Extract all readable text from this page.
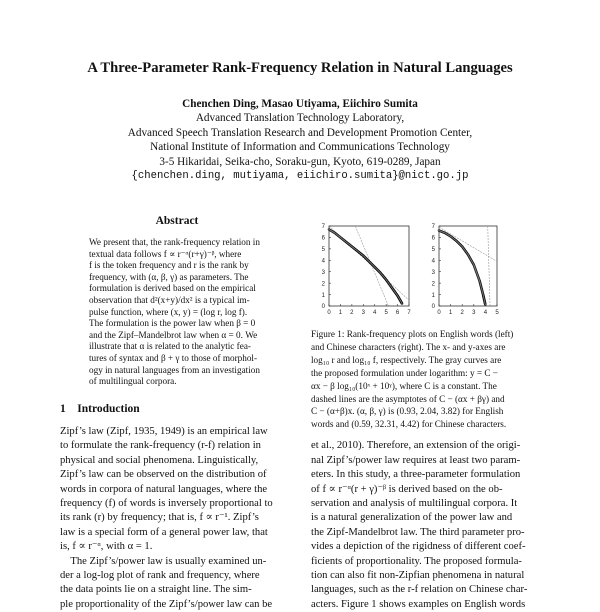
A Three-Parameter Rank-Frequency Relation in Natural Languages
Chenchen Ding, Masao Utiyama, Eiichiro Sumita
Advanced Translation Technology Laboratory,
Advanced Speech Translation Research and Development Promotion Center,
National Institute of Information and Communications Technology
3-5 Hikaridai, Seika-cho, Soraku-gun, Kyoto, 619-0289, Japan
{chenchen.ding, mutiyama, eiichiro.sumita}@nict.go.jp
Abstract
We present that, the rank-frequency relation in
textual data follows f ∝ r⁻ᵅ(r+γ)⁻ᵝ, where
f is the token frequency and r is the rank by
frequency, with (α, β, γ) as parameters. The
formulation is derived based on the empirical
observation that d²(x+y)/dx² is a typical im-
pulse function, where (x, y) = (log r, log f).
The formulation is the power law when β = 0
and the Zipf–Mandelbrot law when α = 0. We
illustrate that α is related to the analytic fea-
tures of syntax and β + γ to those of morphol-
ogy in natural languages from an investigation
of multilingual corpora.
1    Introduction
Zipf’s law (Zipf, 1935, 1949) is an empirical law
to formulate the rank-frequency (r-f) relation in
physical and social phenomena. Linguistically,
Zipf’s law can be observed on the distribution of
words in corpora of natural languages, where the
frequency (f) of words is inversely proportional to
its rank (r) by frequency; that is, f ∝ r⁻¹. Zipf’s
law is a special form of a general power law, that
is, f ∝ r⁻ᵅ, with α = 1.
The Zipf’s/power law is usually examined un-
der a log-log plot of rank and frequency, where
the data points lie on a straight line. The sim-
ple proportionality of the Zipf’s/power law can be
0
1
2
3
4
5
6
7
0 1 2 3 4 5 6 7
0
1
2
3
4
5
6
7
0 1 2 3 4 5
Figure 1: Rank-frequency plots on English words (left)
and Chinese characters (right). The x- and y-axes are
log₁₀ r and log₁₀ f, respectively. The gray curves are
the proposed formulation under logarithm: y = C −
αx − β log₁₀(10ˣ + 10ˠ), where C is a constant. The
dashed lines are the asymptotes of C − (αx + βγ) and
C − (α+β)x. (α, β, γ) is (0.93, 2.04, 3.82) for English
words and (0.59, 32.31, 4.42) for Chinese characters.
et al., 2010). Therefore, an extension of the origi-
nal Zipf’s/power law requires at least two param-
eters. In this study, a three-parameter formulation
of f ∝ r⁻ᵅ(r + γ)⁻ᵝ is derived based on the ob-
servation and analysis of multilingual corpora. It
is a natural generalization of the power law and
the Zipf-Mandelbrot law. The third parameter pro-
vides a depiction of the rigidness of different coef-
ficients of proportionality. The proposed formula-
tion can also fit non-Zipfian phenomena in natural
languages, such as the r-f relation on Chinese char-
acters. Figure 1 shows examples on English words
